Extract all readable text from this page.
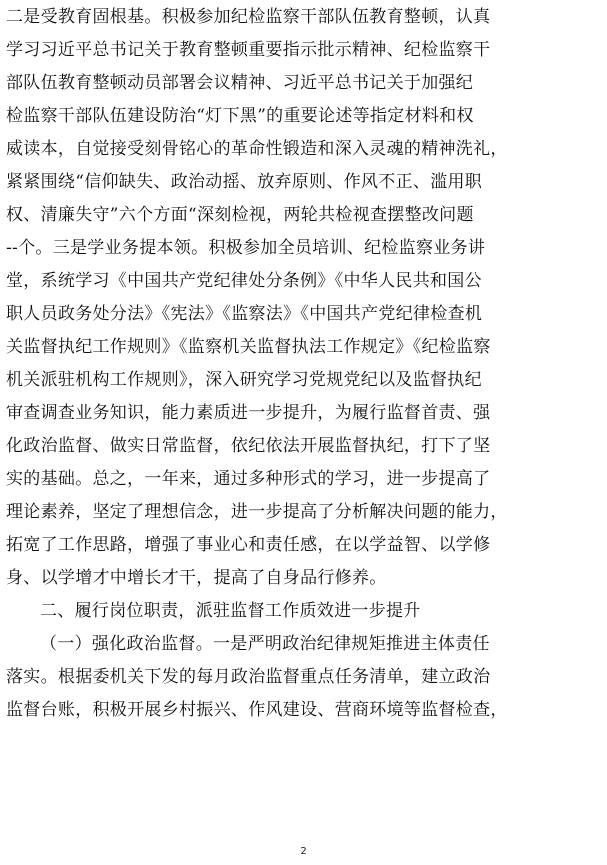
二是受教育固根基。积极参加纪检监察干部队伍教育整顿，认真
学习习近平总书记关于教育整顿重要指示批示精神、纪检监察干
部队伍教育整顿动员部署会议精神、习近平总书记关于加强纪
检监察干部队伍建设防治“灯下黑”的重要论述等指定材料和权
威读本，自觉接受刻骨铭心的革命性锻造和深入灵魂的精神洗礼，
紧紧围绕“信仰缺失、政治动摇、放弃原则、作风不正、滥用职
权、清廉失守”六个方面“深刻检视，两轮共检视查摆整改问题
--个。三是学业务提本领。积极参加全员培训、纪检监察业务讲
堂，系统学习《中国共产党纪律处分条例》《中华人民共和国公
职人员政务处分法》《宪法》《监察法》《中国共产党纪律检查机
关监督执纪工作规则》《监察机关监督执法工作规定》《纪检监察
机关派驻机构工作规则》，深入研究学习党规党纪以及监督执纪
审查调查业务知识，能力素质进一步提升，为履行监督首责、强
化政治监督、做实日常监督，依纪依法开展监督执纪，打下了坚
实的基础。总之，一年来，通过多种形式的学习，进一步提高了
理论素养，坚定了理想信念，进一步提高了分析解决问题的能力，
拓宽了工作思路，增强了事业心和责任感，在以学益智、以学修
身、以学增才中增长才干，提高了自身品行修养。
二、履行岗位职责，派驻监督工作质效进一步提升
（一）强化政治监督。一是严明政治纪律规矩推进主体责任
落实。根据委机关下发的每月政治监督重点任务清单，建立政治
监督台账，积极开展乡村振兴、作风建设、营商环境等监督检查，
2
